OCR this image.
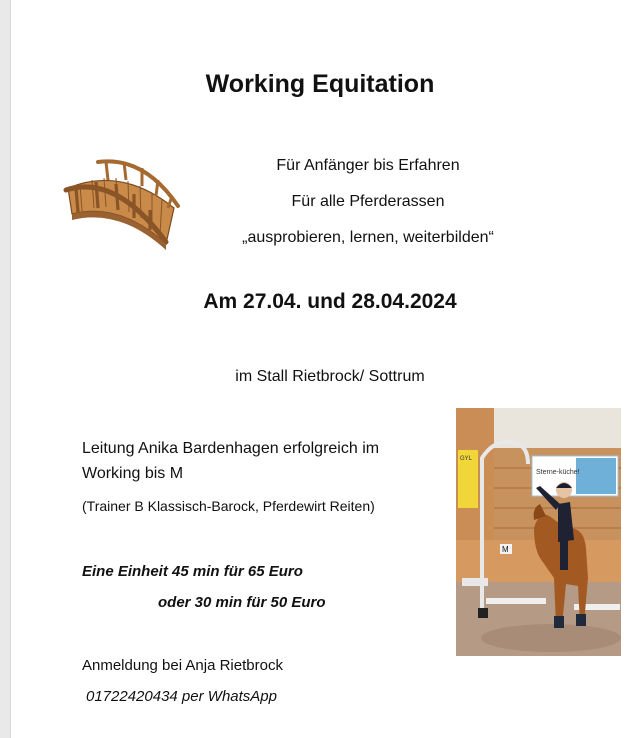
Working Equitation
Für Anfänger bis Erfahren
Für alle Pferderassen
„ausprobieren, lernen, weiterbilden“
Am 27.04. und 28.04.2024
im Stall Rietbrock/ Sottrum
Leitung Anika Bardenhagen erfolgreich im
Working bis M
(Trainer B Klassisch-Barock, Pferdewirt Reiten)
Eine Einheit 45 min für 65 Euro
oder 30 min für 50 Euro
Anmeldung bei Anja Rietbrock
01722420434 per WhatsApp
GYL
Sterne-küche!
M
